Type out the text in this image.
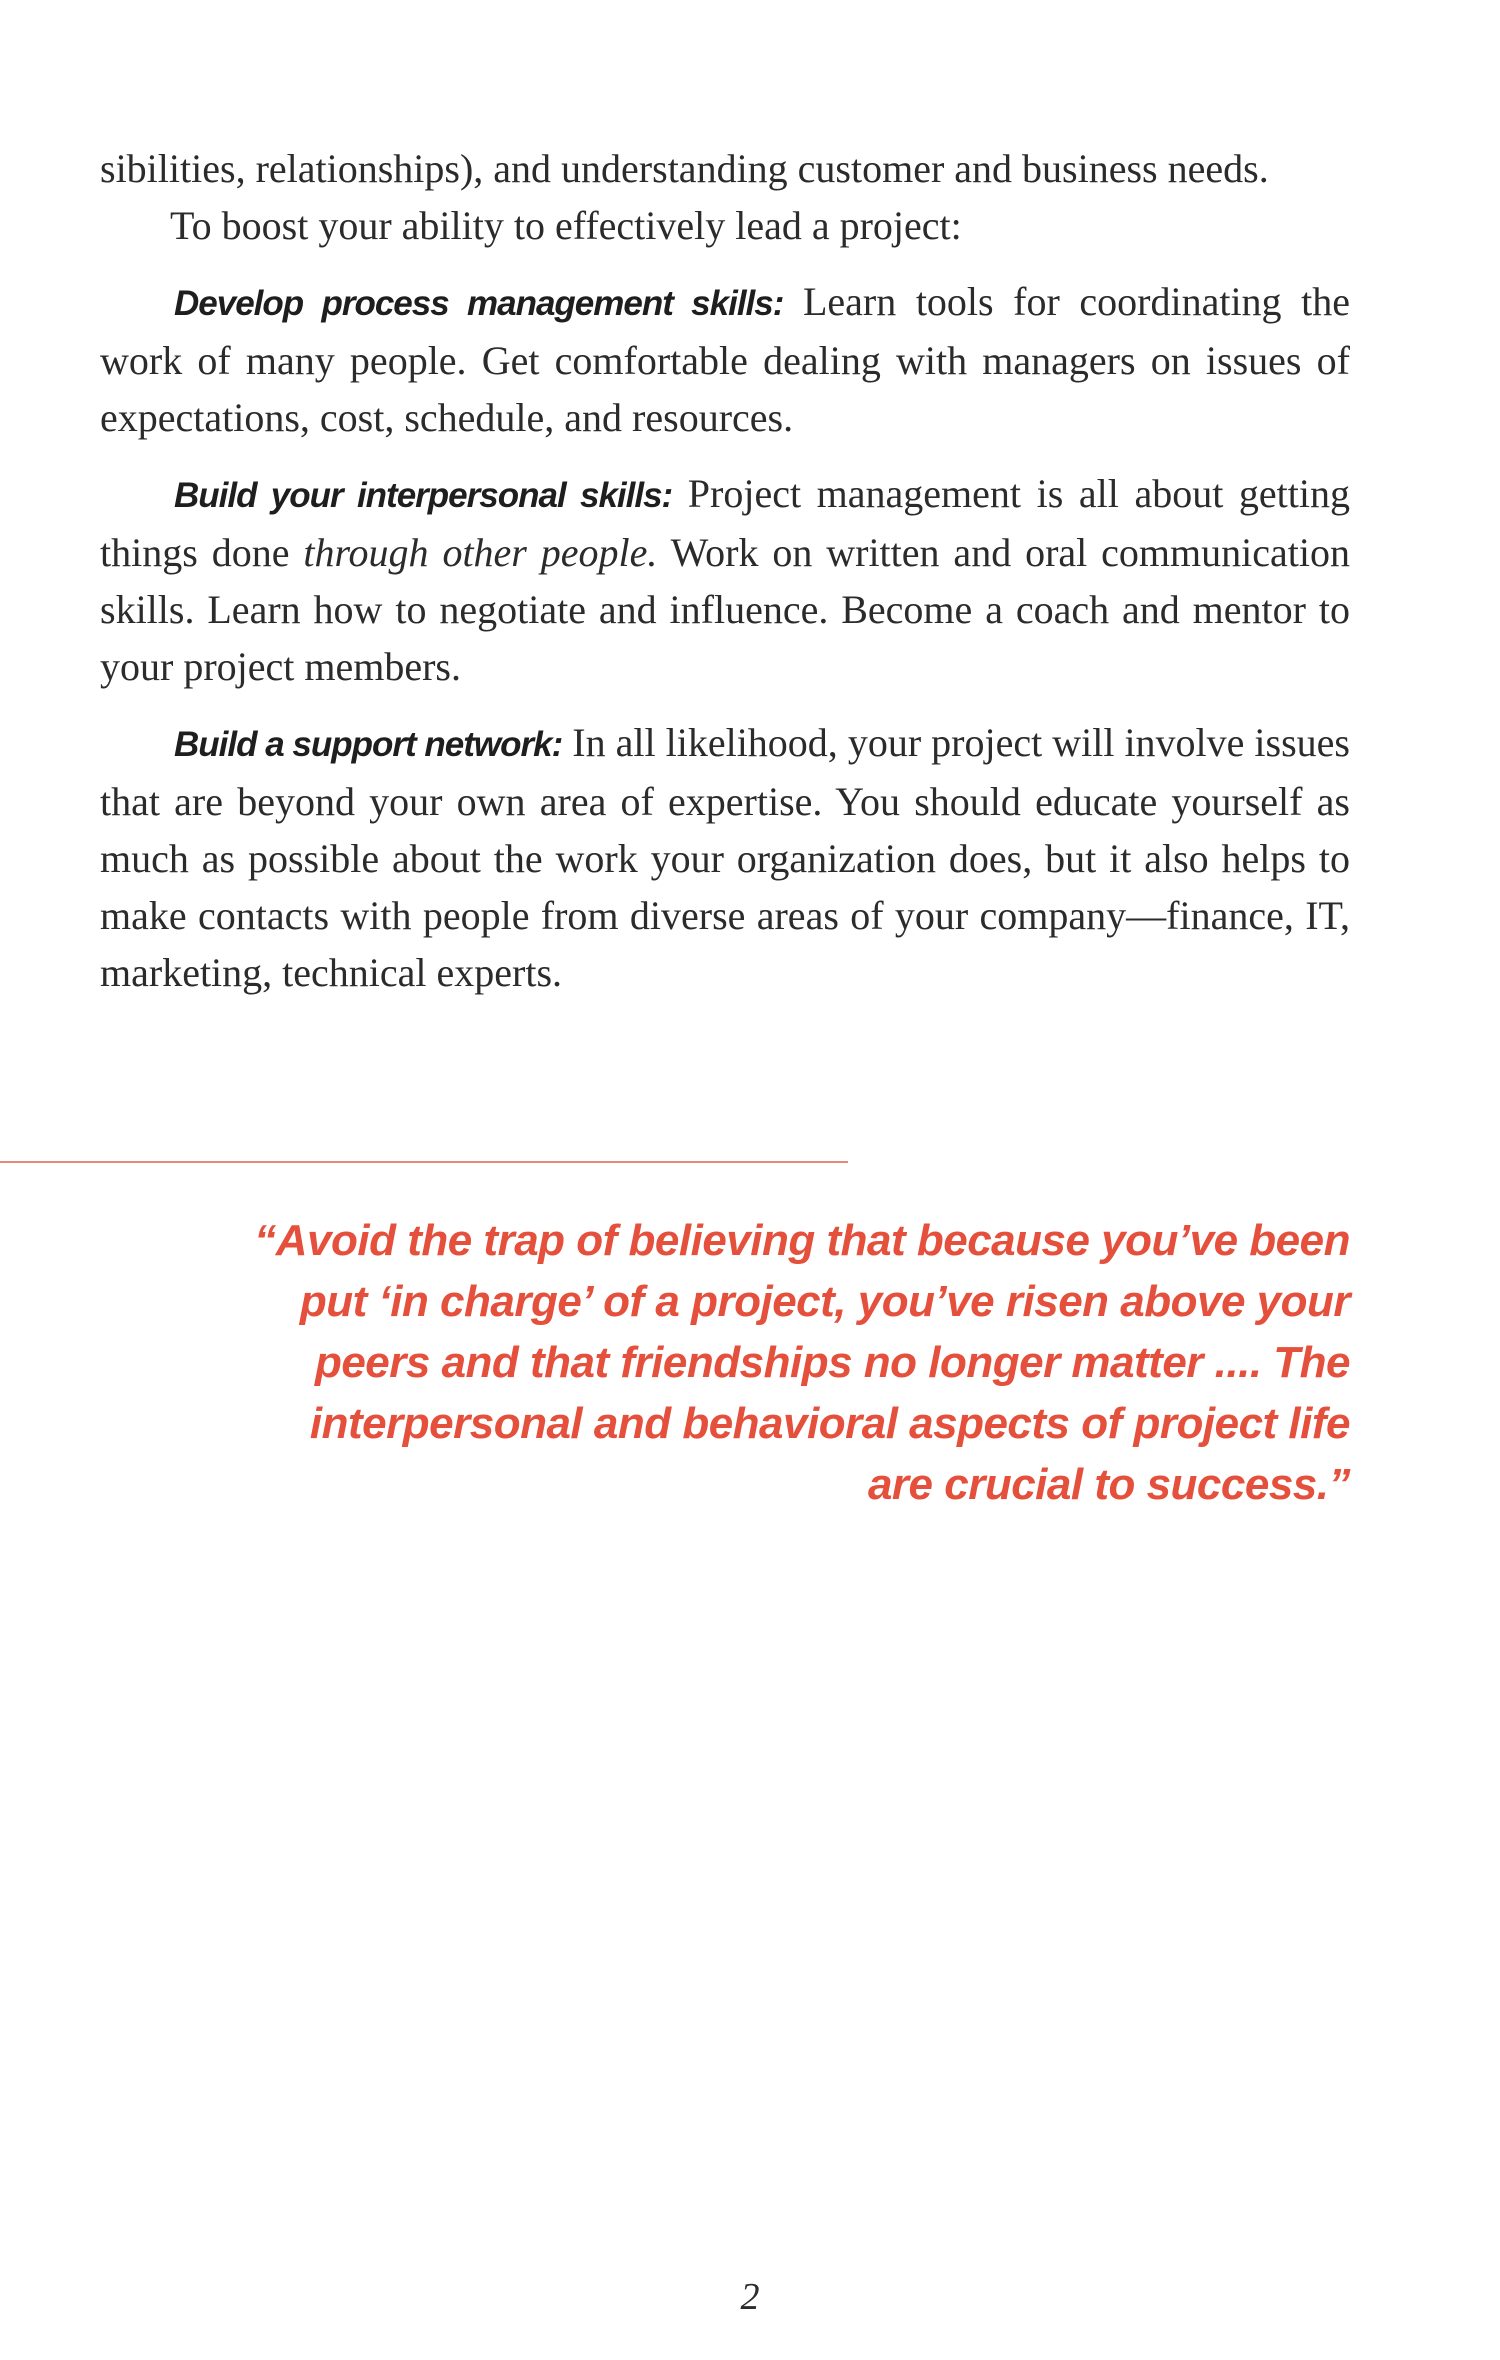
sibilities, relationships), and understanding customer and business needs.

To boost your ability to effectively lead a project:

Develop process management skills: Learn tools for coordinating the work of many people. Get comfortable dealing with managers on issues of expectations, cost, schedule, and resources.

Build your interpersonal skills: Project management is all about getting things done through other people. Work on written and oral communication skills. Learn how to negotiate and influence. Become a coach and mentor to your project members.

Build a support network: In all likelihood, your project will involve issues that are beyond your own area of expertise. You should educate yourself as much as possible about the work your organization does, but it also helps to make contacts with people from diverse areas of your company—finance, IT, marketing, technical experts.

“Avoid the trap of believing that because you’ve been
put ‘in charge’ of a project, you’ve risen above your
peers and that friendships no longer matter .... The
interpersonal and behavioral aspects of project life
are crucial to success.”
2
